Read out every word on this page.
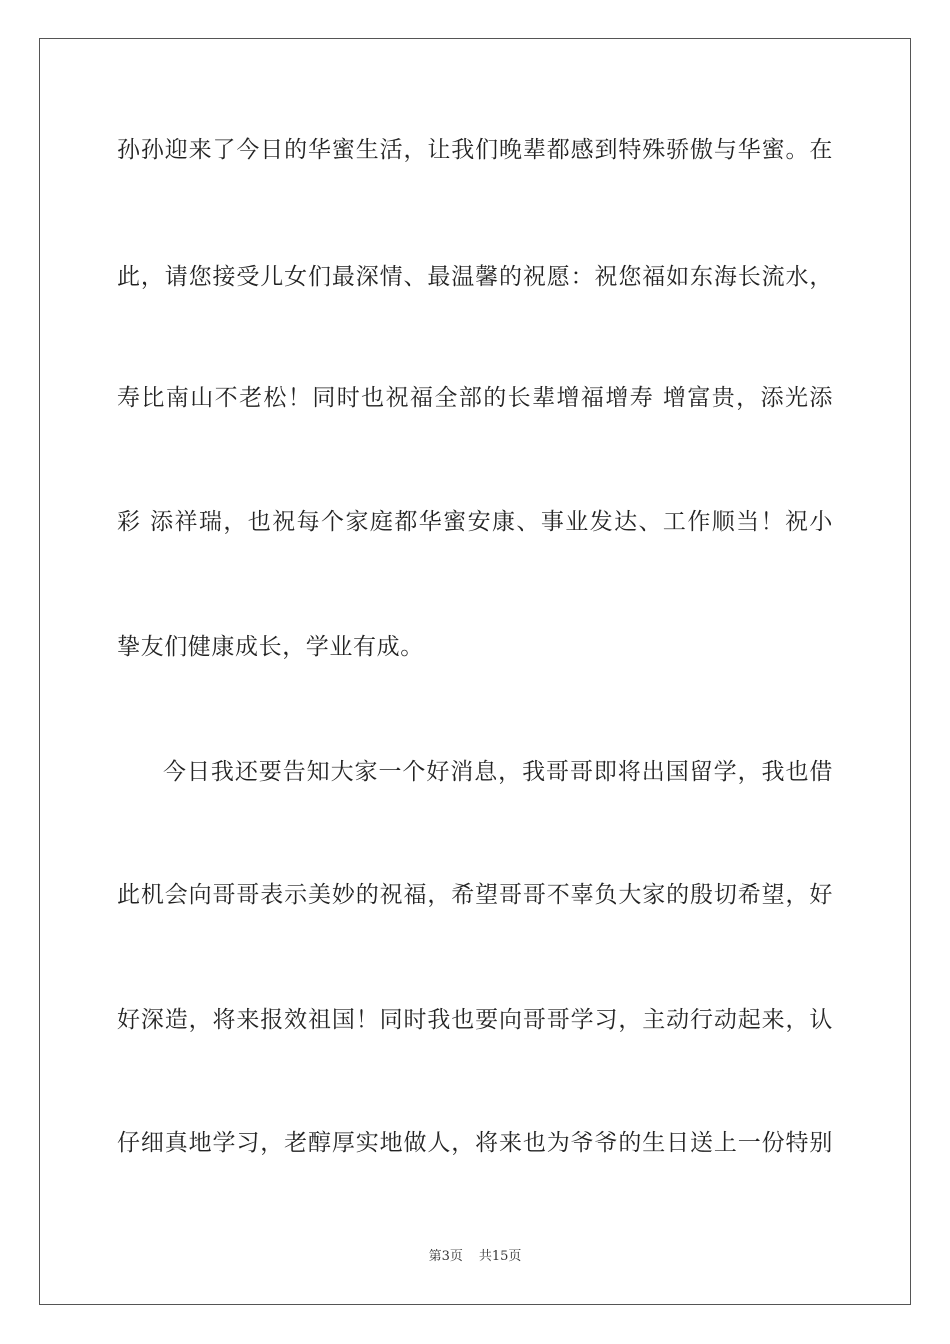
孙孙迎来了今日的华蜜生活，让我们晚辈都感到特殊骄傲与华蜜。在
此，请您接受儿女们最深情、最温馨的祝愿：祝您福如东海长流水，
寿比南山不老松！同时也祝福全部的长辈增福增寿 增富贵，添光添
彩 添祥瑞，也祝每个家庭都华蜜安康、事业发达、工作顺当！祝小
挚友们健康成长，学业有成。
今日我还要告知大家一个好消息，我哥哥即将出国留学，我也借
此机会向哥哥表示美妙的祝福，希望哥哥不辜负大家的殷切希望，好
好深造，将来报效祖国！同时我也要向哥哥学习，主动行动起来，认
仔细真地学习，老醇厚实地做人，将来也为爷爷的生日送上一份特别
第3页 共15页
